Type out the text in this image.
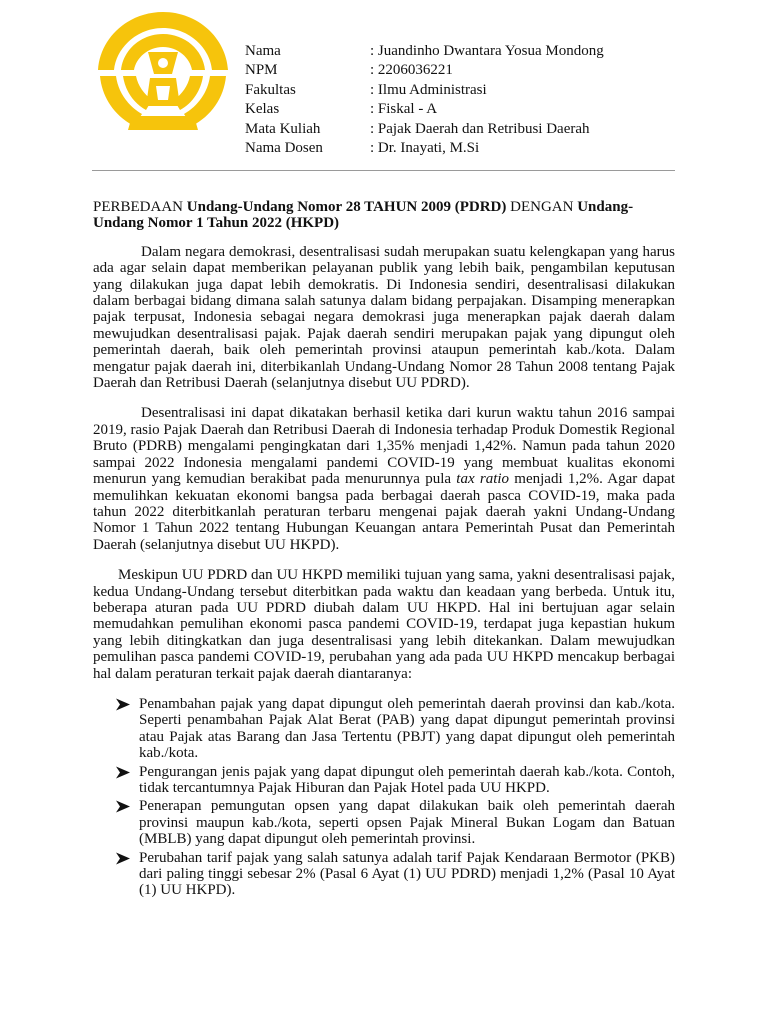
Nama	: Juandinho Dwantara Yosua Mondong
NPM	: 2206036221
Fakultas	: Ilmu Administrasi
Kelas	: Fiskal - A
Mata Kuliah	: Pajak Daerah dan Retribusi Daerah
Nama Dosen	: Dr. Inayati, M.Si
PERBEDAAN Undang-Undang Nomor 28 TAHUN 2009 (PDRD) DENGAN Undang-Undang Nomor 1 Tahun 2022 (HKPD)

Dalam negara demokrasi, desentralisasi sudah merupakan suatu kelengkapan yang harus ada agar selain dapat memberikan pelayanan publik yang lebih baik, pengambilan keputusan yang dilakukan juga dapat lebih demokratis. Di Indonesia sendiri, desentralisasi dilakukan dalam berbagai bidang dimana salah satunya dalam bidang perpajakan. Disamping menerapkan pajak terpusat, Indonesia sebagai negara demokrasi juga menerapkan pajak daerah dalam mewujudkan desentralisasi pajak. Pajak daerah sendiri merupakan pajak yang dipungut oleh pemerintah daerah, baik oleh pemerintah provinsi ataupun pemerintah kab./kota. Dalam mengatur pajak daerah ini, diterbikanlah Undang-Undang Nomor 28 Tahun 2008 tentang Pajak Daerah dan Retribusi Daerah (selanjutnya disebut UU PDRD).

Desentralisasi ini dapat dikatakan berhasil ketika dari kurun waktu tahun 2016 sampai 2019, rasio Pajak Daerah dan Retribusi Daerah di Indonesia terhadap Produk Domestik Regional Bruto (PDRB) mengalami pengingkatan dari 1,35% menjadi 1,42%. Namun pada tahun 2020 sampai 2022 Indonesia mengalami pandemi COVID-19 yang membuat kualitas ekonomi menurun yang kemudian berakibat pada menurunnya pula tax ratio menjadi 1,2%. Agar dapat memulihkan kekuatan ekonomi bangsa pada berbagai daerah pasca COVID-19, maka pada tahun 2022 diterbitkanlah peraturan terbaru mengenai pajak daerah yakni Undang-Undang Nomor 1 Tahun 2022 tentang Hubungan Keuangan antara Pemerintah Pusat dan Pemerintah Daerah (selanjutnya disebut UU HKPD).

Meskipun UU PDRD dan UU HKPD memiliki tujuan yang sama, yakni desentralisasi pajak, kedua Undang-Undang tersebut diterbitkan pada waktu dan keadaan yang berbeda. Untuk itu, beberapa aturan pada UU PDRD diubah dalam UU HKPD. Hal ini bertujuan agar selain memudahkan pemulihan ekonomi pasca pandemi COVID-19, terdapat juga kepastian hukum yang lebih ditingkatkan dan juga desentralisasi yang lebih ditekankan. Dalam mewujudkan pemulihan pasca pandemi COVID-19, perubahan yang ada pada UU HKPD mencakup berbagai hal dalam peraturan terkait pajak daerah diantaranya:

Penambahan pajak yang dapat dipungut oleh pemerintah daerah provinsi dan kab./kota. Seperti penambahan Pajak Alat Berat (PAB) yang dapat dipungut pemerintah provinsi atau Pajak atas Barang dan Jasa Tertentu (PBJT) yang dapat dipungut oleh pemerintah kab./kota.
Pengurangan jenis pajak yang dapat dipungut oleh pemerintah daerah kab./kota. Contoh, tidak tercantumnya Pajak Hiburan dan Pajak Hotel pada UU HKPD.
Penerapan pemungutan opsen yang dapat dilakukan baik oleh pemerintah daerah provinsi maupun kab./kota, seperti opsen Pajak Mineral Bukan Logam dan Batuan (MBLB) yang dapat dipungut oleh pemerintah provinsi.
Perubahan tarif pajak yang salah satunya adalah tarif Pajak Kendaraan Bermotor (PKB) dari paling tinggi sebesar 2% (Pasal 6 Ayat (1) UU PDRD) menjadi 1,2% (Pasal 10 Ayat (1) UU HKPD).
